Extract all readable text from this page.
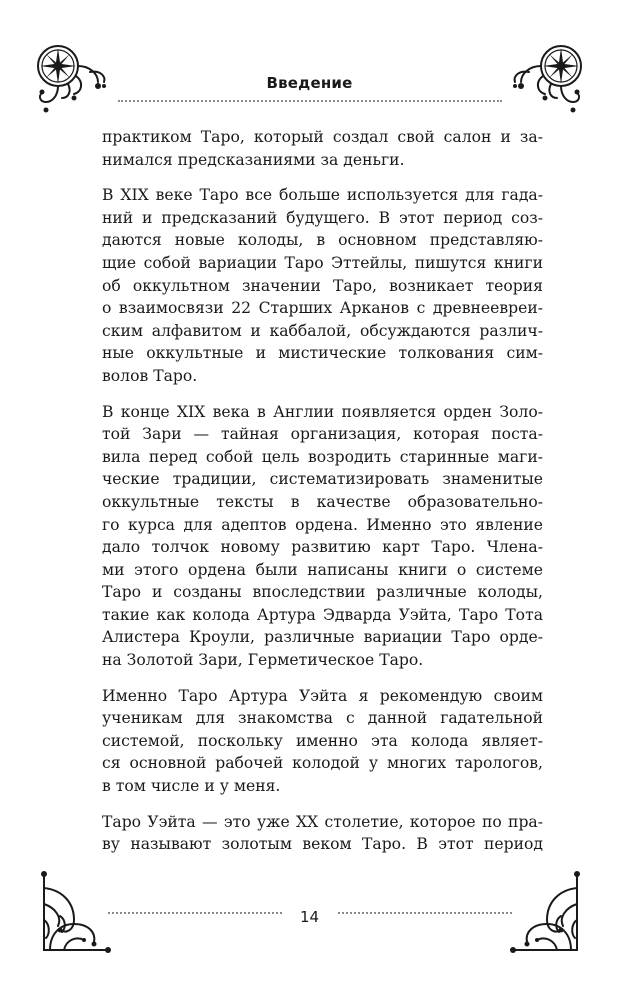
Введение
практиком Таро, который создал свой салон и за-
нимался предсказаниями за деньги.
В XIX веке Таро все больше используется для гада-
ний и предсказаний будущего. В этот период соз-
даются новые колоды, в основном представляю-
щие собой вариации Таро Эттейлы, пишутся книги
об оккультном значении Таро, возникает теория
о взаимосвязи 22 Старших Арканов с древнеевреи-
ским алфавитом и каббалой, обсуждаются различ-
ные оккультные и мистические толкования сим-
волов Таро.
В конце XIX века в Англии появляется орден Золо-
той Зари — тайная организация, которая поста-
вила перед собой цель возродить старинные маги-
ческие традиции, систематизировать знаменитые
оккультные тексты в качестве образовательно-
го курса для адептов ордена. Именно это явление
дало толчок новому развитию карт Таро. Члена-
ми этого ордена были написаны книги о системе
Таро и созданы впоследствии различные колоды,
такие как колода Артура Эдварда Уэйта, Таро Тота
Алистера Кроули, различные вариации Таро орде-
на Золотой Зари, Герметическое Таро.
Именно Таро Артура Уэйта я рекомендую своим
ученикам для знакомства с данной гадательной
системой, поскольку именно эта колода являет-
ся основной рабочей колодой у многих тарологов,
в том числе и у меня.
Таро Уэйта — это уже XX столетие, которое по пра-
ву называют золотым веком Таро. В этот период
14
